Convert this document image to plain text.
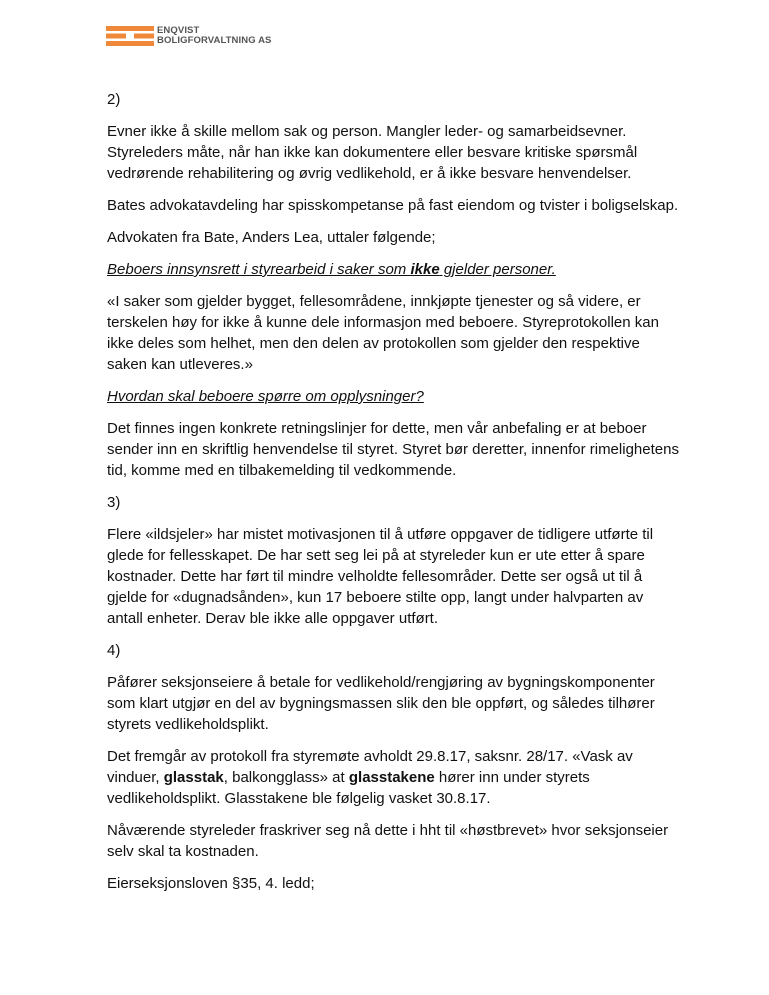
ENQVIST
BOLIGFORVALTNING AS

2)

Evner ikke å skille mellom sak og person. Mangler leder- og samarbeidsevner. Styreleders måte, når han ikke kan dokumentere eller besvare kritiske spørsmål vedrørende rehabilitering og øvrig vedlikehold, er å ikke besvare henvendelser.

Bates advokatavdeling har spisskompetanse på fast eiendom og tvister i boligselskap.

Advokaten fra Bate, Anders Lea, uttaler følgende;

Beboers innsynsrett i styrearbeid i saker som ikke gjelder personer.

«I saker som gjelder bygget, fellesområdene, innkjøpte tjenester og så videre, er terskelen høy for ikke å kunne dele informasjon med beboere. Styreprotokollen kan ikke deles som helhet, men den delen av protokollen som gjelder den respektive saken kan utleveres.»

Hvordan skal beboere spørre om opplysninger?

Det finnes ingen konkrete retningslinjer for dette, men vår anbefaling er at beboer sender inn en skriftlig henvendelse til styret. Styret bør deretter, innenfor rimelighetens tid, komme med en tilbakemelding til vedkommende.

3)

Flere «ildsjeler» har mistet motivasjonen til å utføre oppgaver de tidligere utførte til glede for fellesskapet. De har sett seg lei på at styreleder kun er ute etter å spare kostnader. Dette har ført til mindre velholdte fellesområder. Dette ser også ut til å gjelde for «dugnadsånden», kun 17 beboere stilte opp, langt under halvparten av antall enheter. Derav ble ikke alle oppgaver utført.

4)

Påfører seksjonseiere å betale for vedlikehold/rengjøring av bygningskomponenter som klart utgjør en del av bygningsmassen slik den ble oppført, og således tilhører styrets vedlikeholdsplikt.

Det fremgår av protokoll fra styremøte avholdt 29.8.17, saksnr. 28/17. «Vask av vinduer, glasstak, balkongglass» at glasstakene hører inn under styrets vedlikeholdsplikt. Glasstakene ble følgelig vasket 30.8.17.

Nåværende styreleder fraskriver seg nå dette i hht til «høstbrevet» hvor seksjonseier selv skal ta kostnaden.

Eierseksjonsloven §35, 4. ledd;
